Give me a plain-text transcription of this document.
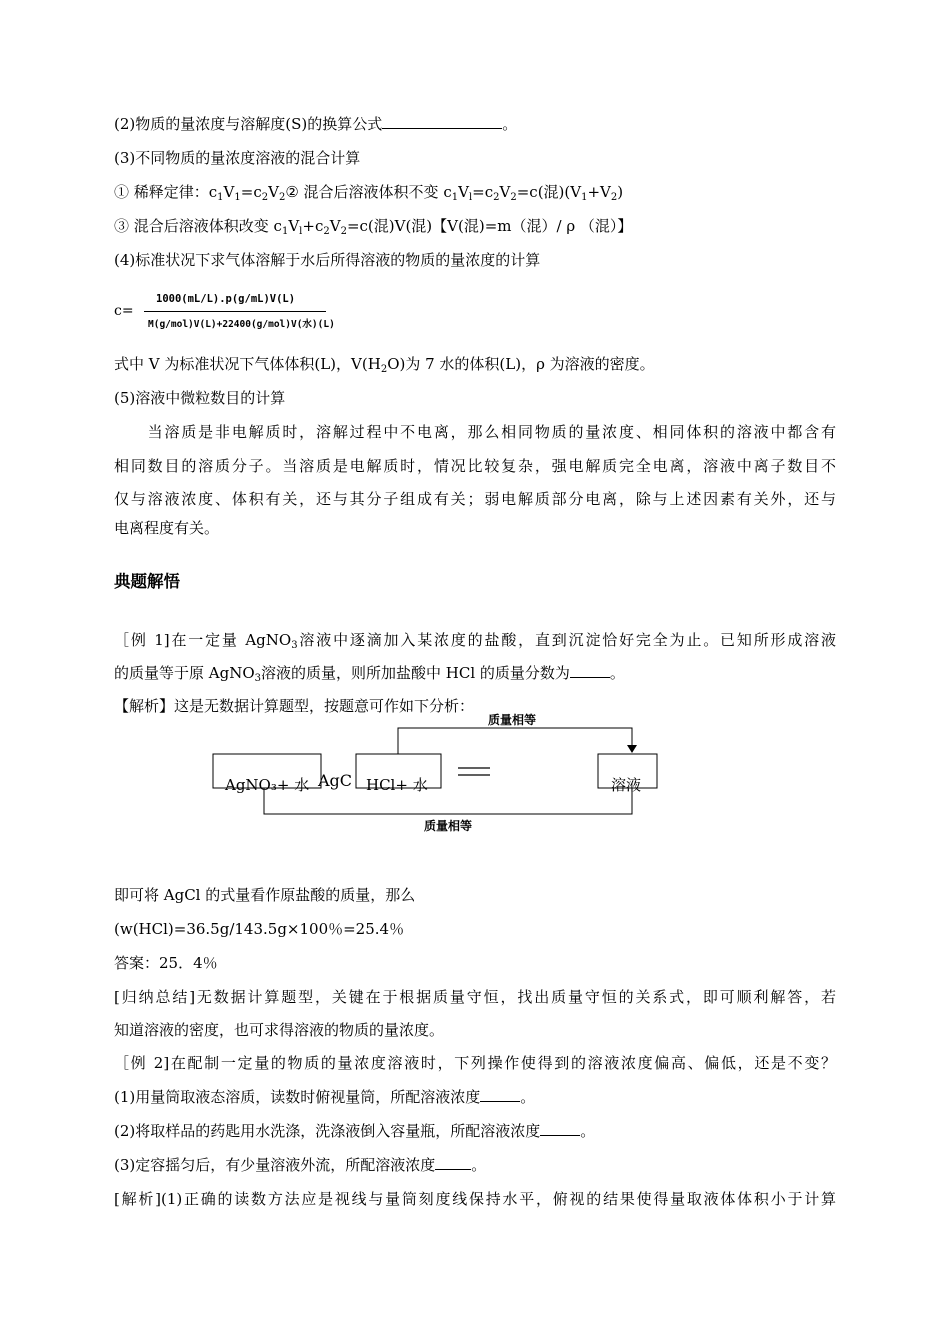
(2)物质的量浓度与溶解度(S)的换算公式	。
(3)不同物质的量浓度溶液的混合计算
① 稀释定律：$c_1V_1=c_2V_2②$ 混合后溶液体积不变 $c_1V_l=c_2V_2=c$(混)$(V_1+V_2)$
③ 混合后溶液体积改变 $c_1V_l+c_2V_2=c$(混)V(混)【V(混)=m（混）/ ρ （混）】
(4)标准状况下求气体溶解于水后所得溶液的物质的量浓度的计算
c=
1000(mL/L).p(g/mL)V(L)
M(g/mol)V(L)+22400(g/mol)V(水)(L)
式中 V 为标准状况下气体体积(L)，$V(H_2O)$为 7 水的体积(L)，ρ 为溶液的密度。
(5)溶液中微粒数目的计算
　　当溶质是非电解质时，溶解过程中不电离，那么相同物质的量浓度、相同体积的溶液中都含有
相同数目的溶质分子。当溶质是电解质时，情况比较复杂，强电解质完全电离，溶液中离子数目不
仅与溶液浓度、体积有关，还与其分子组成有关；弱电解质部分电离，除与上述因素有关外，还与
电离程度有关。
典题解悟
［例 1]在一定量 AgNO$_3$溶液中逐滴加入某浓度的盐酸，直到沉淀恰好完全为止。已知所形成溶液
的质量等于原 AgNO$_3$溶液的质量，则所加盐酸中 HCl 的质量分数为	。
【解析】这是无数据计算题型，按题意可作如下分析：
质量相等
质量相等
AgNO₃+ 水 AgC HCl+ 水	溶液
即可将 AgCl 的式量看作原盐酸的质量，那么
(w(HCl)=36.5g/143.5g×100％=25.4％
答案：25．4％
[归纳总结]无数据计算题型，关键在于根据质量守恒，找出质量守恒的关系式，即可顺利解答，若
知道溶液的密度，也可求得溶液的物质的量浓度。
［例 2]在配制一定量的物质的量浓度溶液时，下列操作使得到的溶液浓度偏高、偏低，还是不变？
(1)用量筒取液态溶质，读数时俯视量筒，所配溶液浓度	。
(2)将取样品的药匙用水洗涤，洗涤液倒入容量瓶，所配溶液浓度	。
(3)定容摇匀后，有少量溶液外流，所配溶液浓度 。
[解析](1)正确的读数方法应是视线与量筒刻度线保持水平，俯视的结果使得量取液体体积小于计算
